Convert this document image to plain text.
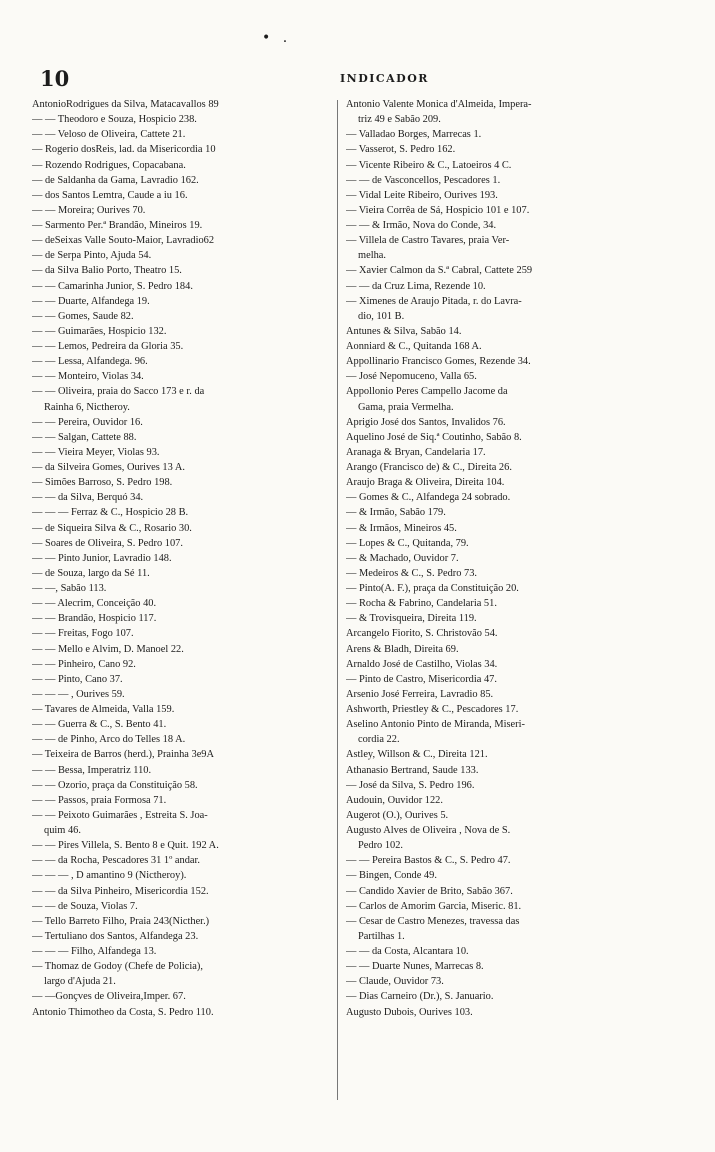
• .
10	INDICADOR
AntonioRodrigues da Silva, Matacavallos 89
— — Theodoro e Souza, Hospicio 238.
— — Veloso de Oliveira, Cattete 21.
— Rogerio dosReis, lad. da Misericordia 10
— Rozendo Rodrigues, Copacabana.
— de Saldanha da Gama, Lavradio 162.
— dos Santos Lemtra, Caude a iu 16.
— — Moreira; Ourives 70.
— Sarmento Per.ª Brandão, Mineiros 19.
— deSeixas Valle Souto-Maior, Lavradio62
— de Serpa Pinto, Ajuda 54.
— da Silva Balio Porto, Theatro 15.
— — Camarinha Junior, S. Pedro 184.
— — Duarte, Alfandega 19.
— — Gomes, Saude 82.
— — Guimarães, Hospicio 132.
— — Lemos, Pedreira da Gloria 35.
— — Lessa, Alfandega. 96.
— — Monteiro, Violas 34.
— — Oliveira, praia do Sacco 173 e r. da
Rainha 6, Nictheroy.
— — Pereira, Ouvidor 16.
— — Salgan, Cattete 88.
— — Vieira Meyer, Violas 93.
— da Silveira Gomes, Ourives 13 A.
— Simões Barroso, S. Pedro 198.
— — da Silva, Berquó 34.
— — — Ferraz & C., Hospicio 28 B.
— de Siqueira Silva & C., Rosario 30.
— Soares de Oliveira, S. Pedro 107.
— — Pinto Junior, Lavradio 148.
— de Souza, largo da Sé 11.
— —, Sabão 113.
— — Alecrim, Conceição 40.
— — Brandão, Hospicio 117.
— — Freitas, Fogo 107.
— — Mello e Alvim, D. Manoel 22.
— — Pinheiro, Cano 92.
— — Pinto, Cano 37.
— — — , Ourives 59.
— Tavares de Almeida, Valla 159.
— — Guerra & C., S. Bento 41.
— — de Pinho, Arco do Telles 18 A.
— Teixeira de Barros (herd.), Prainha 3e9A
— — Bessa, Imperatriz 110.
— — Ozorio, praça da Constituição 58.
— — Passos, praia Formosa 71.
— — Peixoto Guimarães , Estreita S. Joa-
quim 46.
— — Pires Villela, S. Bento 8 e Quit. 192 A.
— — da Rocha, Pescadores 31 1º andar.
— — — , D amantino 9 (Nictheroy).
— — da Silva Pinheiro, Misericordia 152.
— — de Souza, Violas 7.
— Tello Barreto Filho, Praia 243(Nicther.)
— Tertuliano dos Santos, Alfandega 23.
— — — Filho, Alfandega 13.
— Thomaz de Godoy (Chefe de Policia),
largo d'Ajuda 21.
— —Gonçves de Oliveira,Imper. 67.
Antonio Thimotheo da Costa, S. Pedro 110.
Antonio Valente Monica d'Almeida, Impera-
triz 49 e Sabão 209.
— Valladao Borges, Marrecas 1.
— Vasserot, S. Pedro 162.
— Vicente Ribeiro & C., Latoeiros 4 C.
— — de Vasconcellos, Pescadores 1.
— Vidal Leite Ribeiro, Ourives 193.
— Vieira Corrêa de Sá, Hospicio 101 e 107.
— — & Irmão, Nova do Conde, 34.
— Villela de Castro Tavares, praia Ver-
melha.
— Xavier Calmon da S.ª Cabral, Cattete 259
— — da Cruz Lima, Rezende 10.
— Ximenes de Araujo Pitada, r. do Lavra-
dio, 101 B.
Antunes & Silva, Sabão 14.
Aonniard & C., Quitanda 168 A.
Appollinario Francisco Gomes, Rezende 34.
— José Nepomuceno, Valla 65.
Appollonio Peres Campello Jacome da
Gama, praia Vermelha.
Aprigio José dos Santos, Invalidos 76.
Aquelino José de Siq.ª Coutinho, Sabão 8.
Aranaga & Bryan, Candelaria 17.
Arango (Francisco de) & C., Direita 26.
Araujo Braga & Oliveira, Direita 104.
— Gomes & C., Alfandega 24 sobrado.
— & Irmão, Sabão 179.
— & Irmãos, Mineiros 45.
— Lopes & C., Quitanda, 79.
— & Machado, Ouvidor 7.
— Medeiros & C., S. Pedro 73.
— Pinto(A. F.), praça da Constituição 20.
— Rocha & Fabrino, Candelaria 51.
— & Trovisqueira, Direita 119.
Arcangelo Fiorito, S. Christovão 54.
Arens & Bladh, Direita 69.
Arnaldo José de Castilho, Violas 34.
— Pinto de Castro, Misericordia 47.
Arsenio José Ferreira, Lavradio 85.
Ashworth, Priestley & C., Pescadores 17.
Aselino Antonio Pinto de Miranda, Miseri-
cordia 22.
Astley, Willson & C., Direita 121.
Athanasio Bertrand, Saude 133.
— José da Silva, S. Pedro 196.
Audouin, Ouvidor 122.
Augerot (O.), Ourives 5.
Augusto Alves de Oliveira , Nova de S.
Pedro 102.
— — Pereira Bastos & C., S. Pedro 47.
— Bingen, Conde 49.
— Candido Xavier de Brito, Sabão 367.
— Carlos de Amorim Garcia, Miseric. 81.
— Cesar de Castro Menezes, travessa das
Partilhas 1.
— — da Costa, Alcantara 10.
— — Duarte Nunes, Marrecas 8.
— Claude, Ouvidor 73.
— Dias Carneiro (Dr.), S. Januario.
Augusto Dubois, Ourives 103.
